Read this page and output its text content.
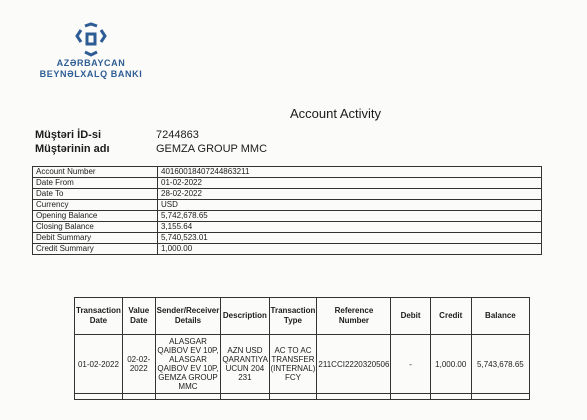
AZƏRBAYCAN
BEYNƏLXALQ BANKI
Account Activity
Müştəri İD-si	7244863
Müştərinin adı	GEMZA GROUP MMC
Account Number	40160018407244863211
Date From	01-02-2022
Date To	28-02-2022
Currency	USD
Opening Balance	5,742,678.65
Closing Balance	3,155.64
Debit Summary	5,740,523.01
Credit Summary	1,000.00
Transaction Date	Value Date	Sender/Receiver Details	Description	Transaction Type	Reference Number	Debit	Credit	Balance
01-02-2022	02-02-2022	ALASGAR QAIBOV EV 10P, ALASGAR QAIBOV EV 10P, GEMZA GROUP MMC	AZN USD QARANTIYA UCUN 204 231	AC TO AC TRANSFER (INTERNAL) FCY	211CCI2220320506	-	1,000.00	5,743,678.65
